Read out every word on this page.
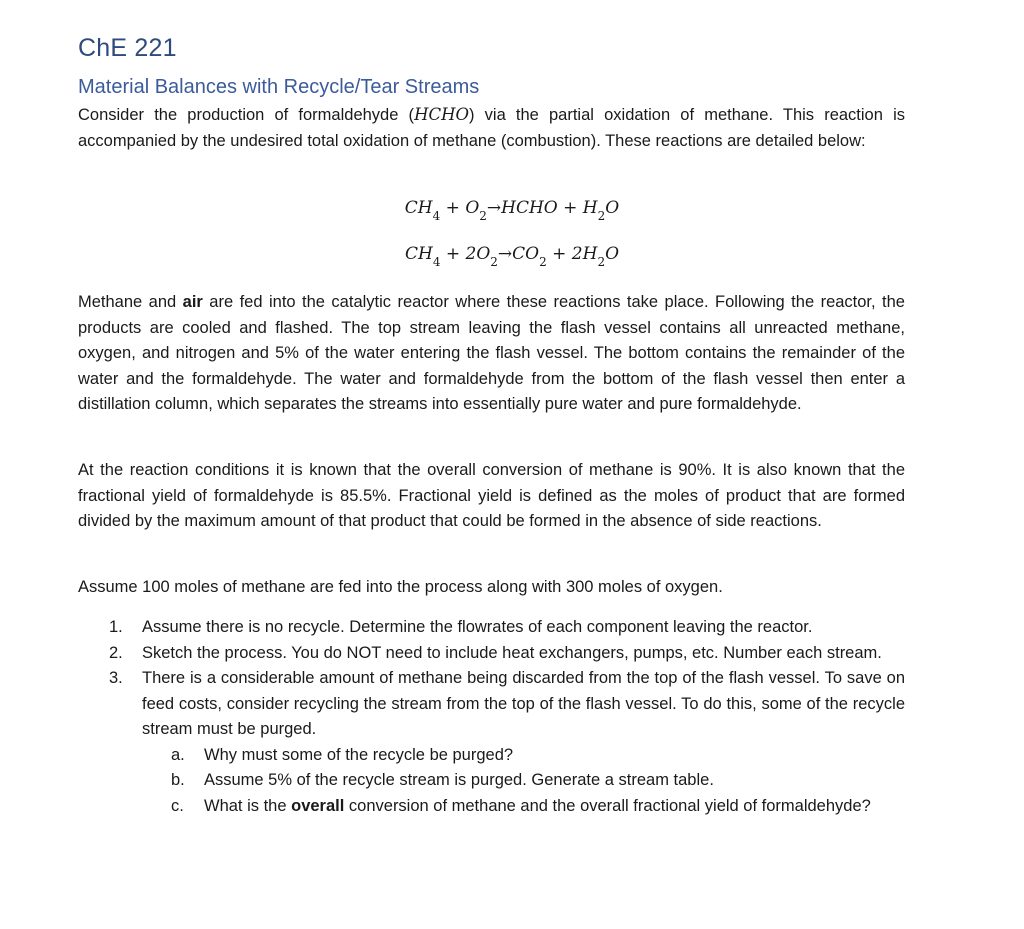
ChE 221
Material Balances with Recycle/Tear Streams
Consider the production of formaldehyde (HCHO) via the partial oxidation of methane. This reaction is accompanied by the undesired total oxidation of methane (combustion). These reactions are detailed below:
$CH_4$ + $O_2\to HCHO + H_2O$
$CH_4 + 2O_2\to CO_2 + 2H_2O$
Methane and air are fed into the catalytic reactor where these reactions take place. Following the reactor, the products are cooled and flashed. The top stream leaving the flash vessel contains all unreacted methane, oxygen, and nitrogen and 5% of the water entering the flash vessel. The bottom contains the remainder of the water and the formaldehyde. The water and formaldehyde from the bottom of the flash vessel then enter a distillation column, which separates the streams into essentially pure water and pure formaldehyde.
At the reaction conditions it is known that the overall conversion of methane is 90%. It is also known that the fractional yield of formaldehyde is 85.5%. Fractional yield is defined as the moles of product that are formed divided by the maximum amount of that product that could be formed in the absence of side reactions.
Assume 100 moles of methane are fed into the process along with 300 moles of oxygen.
1. Assume there is no recycle. Determine the flowrates of each component leaving the reactor.
2. Sketch the process. You do NOT need to include heat exchangers, pumps, etc. Number each stream.
3. There is a considerable amount of methane being discarded from the top of the flash vessel. To save on feed costs, consider recycling the stream from the top of the flash vessel. To do this, some of the recycle stream must be purged.
a. Why must some of the recycle be purged?
b. Assume 5% of the recycle stream is purged. Generate a stream table.
c. What is the overall conversion of methane and the overall fractional yield of formaldehyde?
